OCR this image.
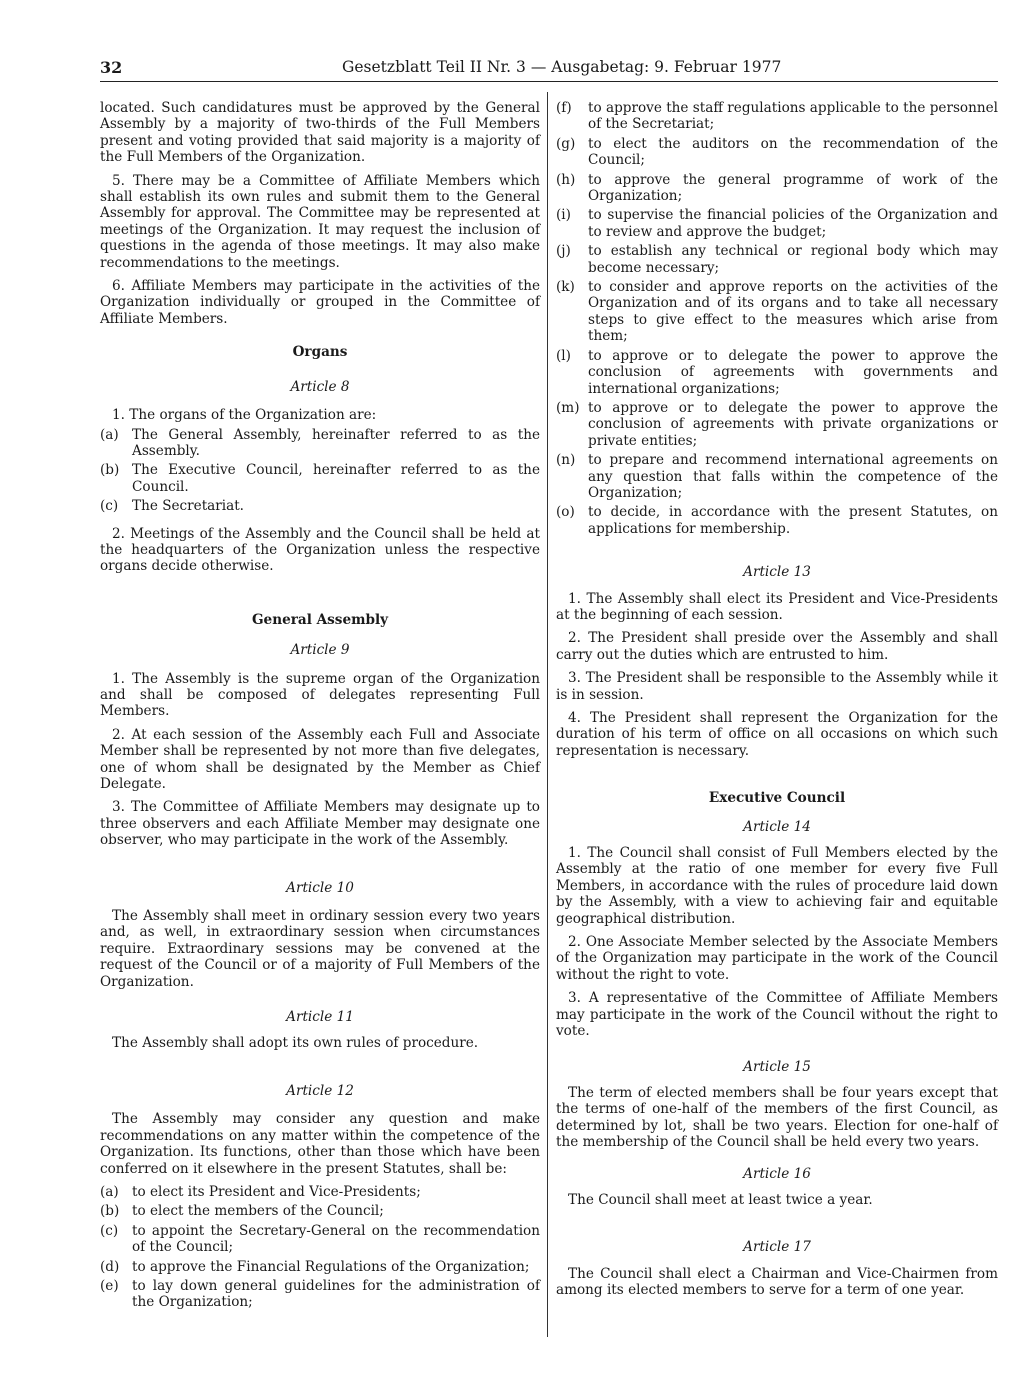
32	Gesetzblatt Teil II Nr. 3 — Ausgabetag: 9. Februar 1977

located. Such candidatures must be approved by the General Assembly by a majority of two-thirds of the Full Members present and voting provided that said majority is a majority of the Full Members of the Organization.

5. There may be a Committee of Affiliate Members which shall establish its own rules and submit them to the General Assembly for approval. The Committee may be represented at meetings of the Organization. It may request the inclusion of questions in the agenda of those meetings. It may also make recommendations to the meetings.

6. Affiliate Members may participate in the activities of the Organization individually or grouped in the Committee of Affiliate Members.

Organs
Article 8

1. The organs of the Organization are:

(a) The General Assembly, hereinafter referred to as the Assembly.
(b) The Executive Council, hereinafter referred to as the Council.
(c)	The Secretariat.

2. Meetings of the Assembly and the Council shall be held at the headquarters of the Organization unless the respective organs decide otherwise.

General Assembly
Article 9

1. The Assembly is the supreme organ of the Organization and shall be composed of delegates representing Full Members.

2. At each session of the Assembly each Full and Associate Member shall be represented by not more than five delegates, one of whom shall be designated by the Member as Chief Delegate.

3. The Committee of Affiliate Members may designate up to three observers and each Affiliate Member may designate one observer, who may participate in the work of the Assembly.

Article 10

The Assembly shall meet in ordinary session every two years and, as well, in extraordinary session when circumstances require. Extraordinary sessions may be convened at the request of the Council or of a majority of Full Members of the Organization.

Article 11

The Assembly shall adopt its own rules of procedure.

Article 12

The Assembly may consider any question and make recommendations on any matter within the competence of the Organization. Its functions, other than those which have been conferred on it elsewhere in the present Statutes, shall be:

(a) to elect its President and Vice-Presidents;
(b) to elect the members of the Council;
(c)	to appoint the Secretary-General on the recommendation of the Council;
(d) to approve the Financial Regulations of the Organization;
(e) to lay down general guidelines for the administration of the Organization;
(f)	to approve the staff regulations applicable to the personnel of the Secretariat;
(g) to elect the auditors on the recommendation of the Council;
(h) to approve the general programme of work of the Organization;
(i)	to supervise the financial policies of the Organization and to review and approve the budget;
(j)	to establish any technical or regional body which may become necessary;
(k) to consider and approve reports on the activities of the Organization and of its organs and to take all necessary steps to give effect to the measures which arise from them;
(l)	to approve or to delegate the power to approve the conclusion of agreements with governments and international organizations;
(m) to approve or to delegate the power to approve the conclusion of agreements with private organizations or private entities;
(n) to prepare and recommend international agreements on any question that falls within the competence of the Organization;
(o) to decide, in accordance with the present Statutes, on applications for membership.
Article 13

1. The Assembly shall elect its President and Vice-Presidents at the beginning of each session.

2. The President shall preside over the Assembly and shall carry out the duties which are entrusted to him.

3. The President shall be responsible to the Assembly while it is in session.

4. The President shall represent the Organization for the duration of his term of office on all occasions on which such representation is necessary.

Executive Council
Article 14

1. The Council shall consist of Full Members elected by the Assembly at the ratio of one member for every five Full Members, in accordance with the rules of procedure laid down by the Assembly, with a view to achieving fair and equitable geographical distribution.

2. One Associate Member selected by the Associate Members of the Organization may participate in the work of the Council without the right to vote.

3. A representative of the Committee of Affiliate Members may participate in the work of the Council without the right to vote.

Article 15

The term of elected members shall be four years except that the terms of one-half of the members of the first Council, as determined by lot, shall be two years. Election for one-half of the membership of the Council shall be held every two years.

Article 16

The Council shall meet at least twice a year.

Article 17

The Council shall elect a Chairman and Vice-Chairmen from among its elected members to serve for a term of one year.
